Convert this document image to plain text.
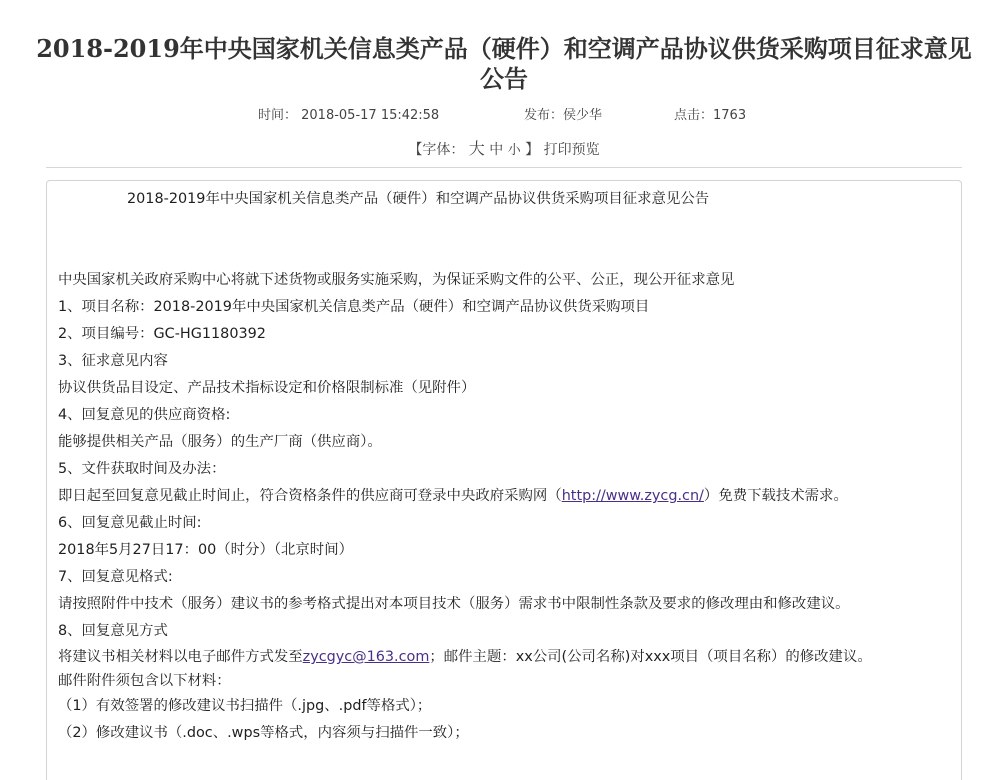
2018-2019年中央国家机关信息类产品（硬件）和空调产品协议供货采购项目征求意见
公告
时间： 2018-05-17 15:42:58	发布：侯少华	点击：1763
【字体： 大 中 小 】 打印预览

2018-2019年中央国家机关信息类产品（硬件）和空调产品协议供货采购项目征求意见公告

中央国家机关政府采购中心将就下述货物或服务实施采购，为保证采购文件的公平、公正，现公开征求意见

1、项目名称：2018-2019年中央国家机关信息类产品（硬件）和空调产品协议供货采购项目

2、项目编号：GC-HG1180392

3、征求意见内容

协议供货品目设定、产品技术指标设定和价格限制标准（见附件）

4、回复意见的供应商资格:

能够提供相关产品（服务）的生产厂商（供应商）。

5、文件获取时间及办法：

即日起至回复意见截止时间止，符合资格条件的供应商可登录中央政府采购网（http://www.zycg.cn/）免费下载技术需求。

6、回复意见截止时间:

2018年5月27日17：00（时分）（北京时间）

7、回复意见格式:

请按照附件中技术（服务）建议书的参考格式提出对本项目技术（服务）需求书中限制性条款及要求的修改理由和修改建议。

8、回复意见方式

将建议书相关材料以电子邮件方式发至zycgyc@163.com；邮件主题：xx公司(公司名称)对xxx项目（项目名称）的修改建议。

邮件附件须包含以下材料：

（1）有效签署的修改建议书扫描件（.jpg、.pdf等格式）；

（2）修改建议书（.doc、.wps等格式，内容须与扫描件一致）；
